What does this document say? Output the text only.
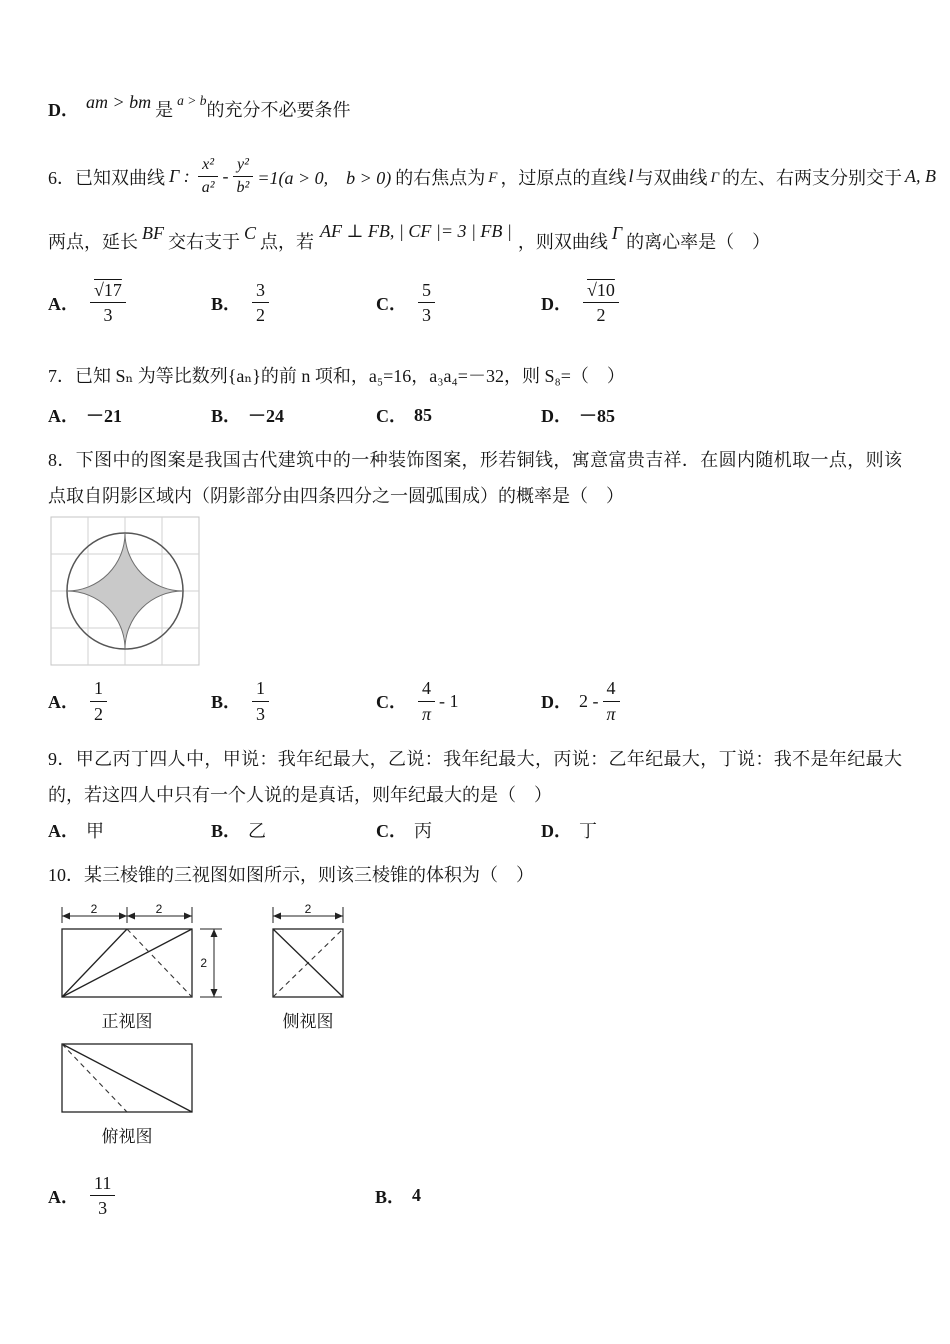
D． am > bm 是 a > b 的充分不必要条件
6． 已知双曲线 Γ : $\frac{\text{x²}}{\text{a²}} - \frac{\text{y²}}{\text{b²}} =1(a > 0$,　b > 0) 的右焦点为 F ，过原点的直线 l 与双曲线 Γ 的左、右两支分别交于 A, B
两点，延长 BF 交右支于 C 点，若
AF ⊥ FB, | CF |= 3 | FB |
，则双曲线 Γ 的离心率是（　）
A． $\frac{√17}{3}$	B． $\frac{3}{2}$	C． $\frac{5}{3}$	D． $\frac{√10}{2}$
7．已知 Sₙ 为等比数列{aₙ}的前 n 项和，a₅=16，a₃a₄=－32，则 S₈=（　）
A． －21	B． －24	C． 85	D． －85
8．下图中的图案是我国古代建筑中的一种装饰图案，形若铜钱，寓意富贵吉祥．在圆内随机取一点，则该点取自阴影区域内（阴影部分由四条四分之一圆弧围成）的概率是（　）
A． $\frac{1}{2}$	B． $\frac{1}{3}$	C． $\frac{4}{\pi} - 1$	D． $2 - \frac{4}{\pi}$
9．甲乙丙丁四人中，甲说：我年纪最大，乙说：我年纪最大，丙说：乙年纪最大，丁说：我不是年纪最大的，若这四人中只有一个人说的是真话，则年纪最大的是（　）
A． 甲	B． 乙	C． 丙	D． 丁
10．某三棱锥的三视图如图所示，则该三棱锥的体积为（　）
2	2
2
正视图
2
侧视图
俯视图
A． $\frac{11}{3}$	B． 4
